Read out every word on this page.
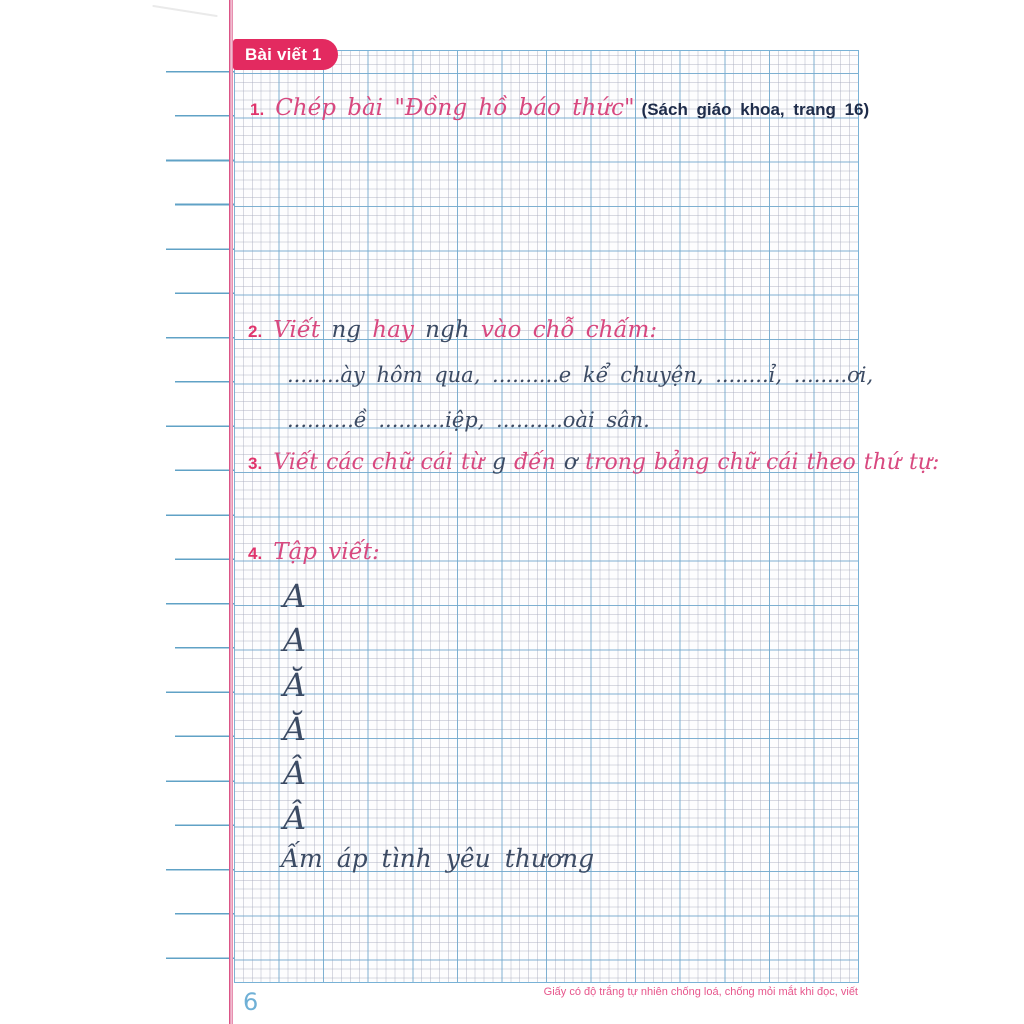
Bài viết 1
1. Chép bài "Đồng hồ báo thức" (Sách giáo khoa, trang 16)
2. Viết ng hay ngh vào chỗ chấm:
........ày hôm qua, ..........e kể chuyện, ........ỉ, ........ơi,
..........ề ..........iệp, ..........oài sân.
3. Viết các chữ cái từ g đến ơ trong bảng chữ cái theo thứ tự:
4. Tập viết:
A
A
Ă
Ă
Â
Â
Ấm áp tình yêu thương
6	Giấy có độ trắng tự nhiên chống loá, chống mỏi mắt khi đọc, viết
